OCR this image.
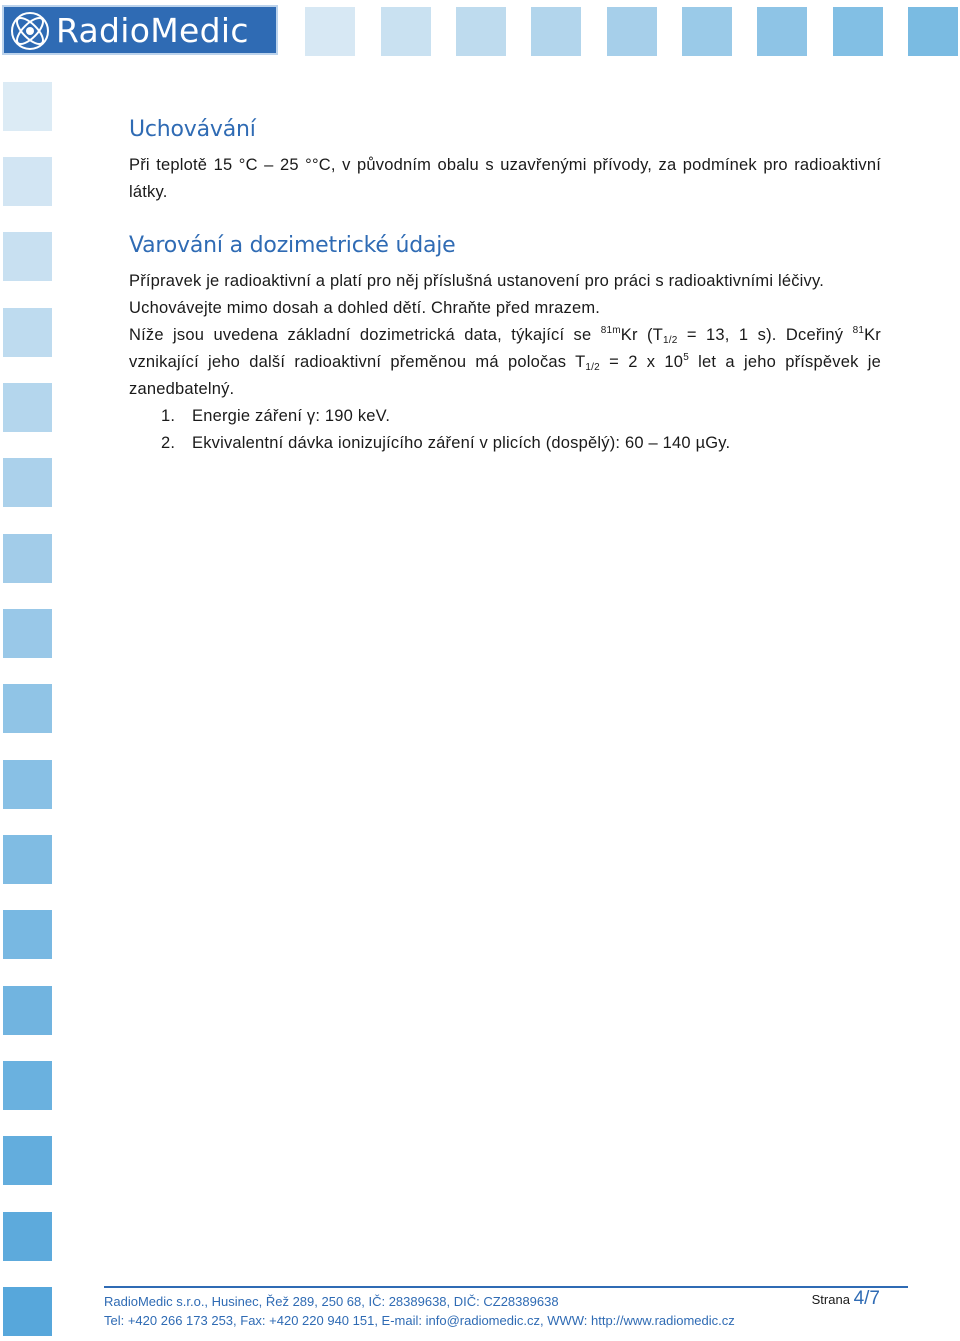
RadioMedic
Uchovávání

Při teplotě 15 °C – 25 °°C, v původním obalu s uzavřenými přívody, za podmínek pro radioaktivní látky.

Varování a dozimetrické údaje

Přípravek je radioaktivní a platí pro něj příslušná ustanovení pro práci s radioaktivními léčivy.

Uchovávejte mimo dosah a dohled dětí. Chraňte před mrazem.

Níže jsou uvedena základní dozimetrická data, týkající se $^{81m}$Kr ($T_{1/2} = 13$, 1 s). Dceřiný $^{81}$Kr vznikající jeho další radioaktivní přeměnou má poločas $T_{1/2} = 2$ x $10^5$ let a jeho příspěvek je zanedbatelný.

1. Energie záření γ: 190 keV.
2. Ekvivalentní dávka ionizujícího záření v plicích (dospělý): 60 – 140 µGy.
RadioMedic s.r.o., Husinec, Řež 289, 250 68, IČ: 28389638, DIČ: CZ28389638
Tel: +420 266 173 253, Fax: +420 220 940 151, E-mail: info@radiomedic.cz, WWW: http://www.radiomedic.cz
Strana 4/7
